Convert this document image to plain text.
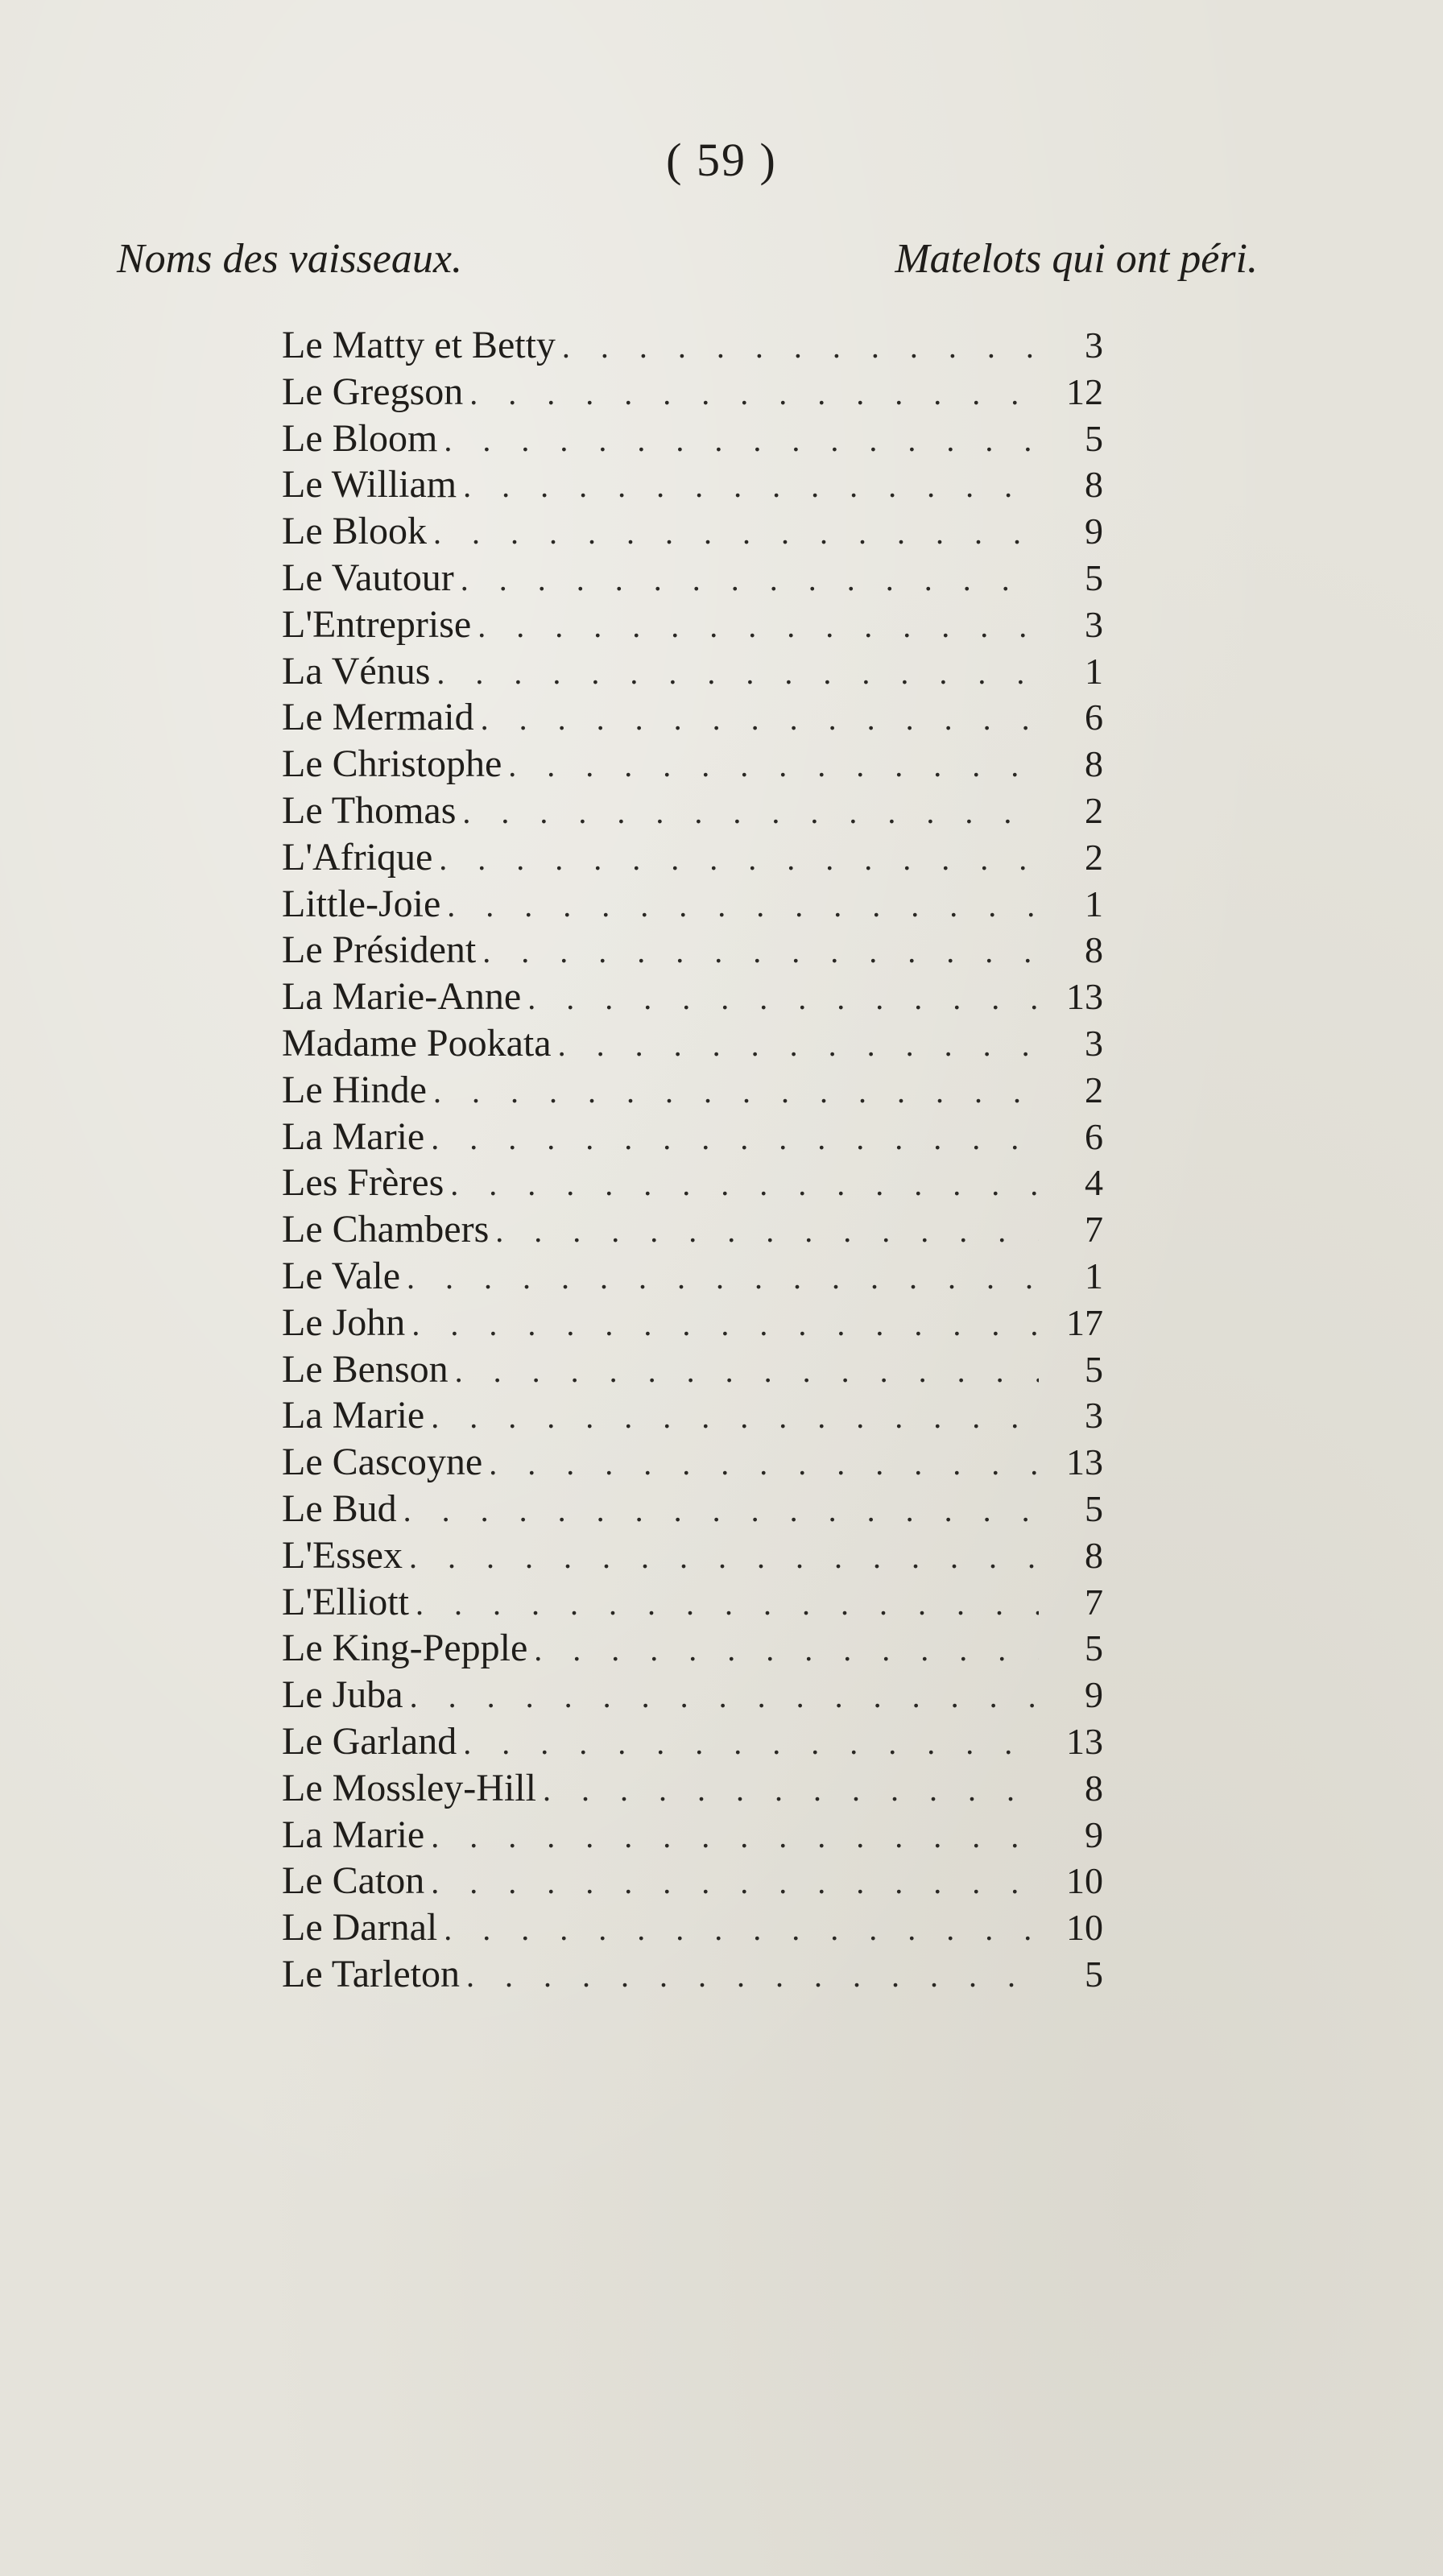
( 59 )
Noms des vaisseaux.	Matelots qui ont péri.
Le Matty et Betty . . .	3
Le Gregson . . .	12
Le Bloom . . .	5
Le William . . .	8
Le Blook . . .	9
Le Vautour . . .	5
L'Entreprise . . .	3
La Vénus . . .	1
Le Mermaid . . .	6
Le Christophe . . .	8
Le Thomas . . .	2
L'Afrique . . .	2
Little-Joie . . .	1
Le Président . . .	8
La Marie-Anne . . .	13
Madame Pookata . . .	3
Le Hinde . . .	2
La Marie . . .	6
Les Frères . . .	4
Le Chambers . . .	7
Le Vale . . .	1
Le John . . .	17
Le Benson . . .	5
La Marie . . .	3
Le Cascoyne . . .	13
Le Bud . . .	5
L'Essex . . .	8
L'Elliott . . .	7
Le King-Pepple . . .	5
Le Juba . . .	9
Le Garland . . .	13
Le Mossley-Hill . . .	8
La Marie . . .	9
Le Caton . . .	10
Le Darnal . . .	10
Le Tarleton . . .	5
